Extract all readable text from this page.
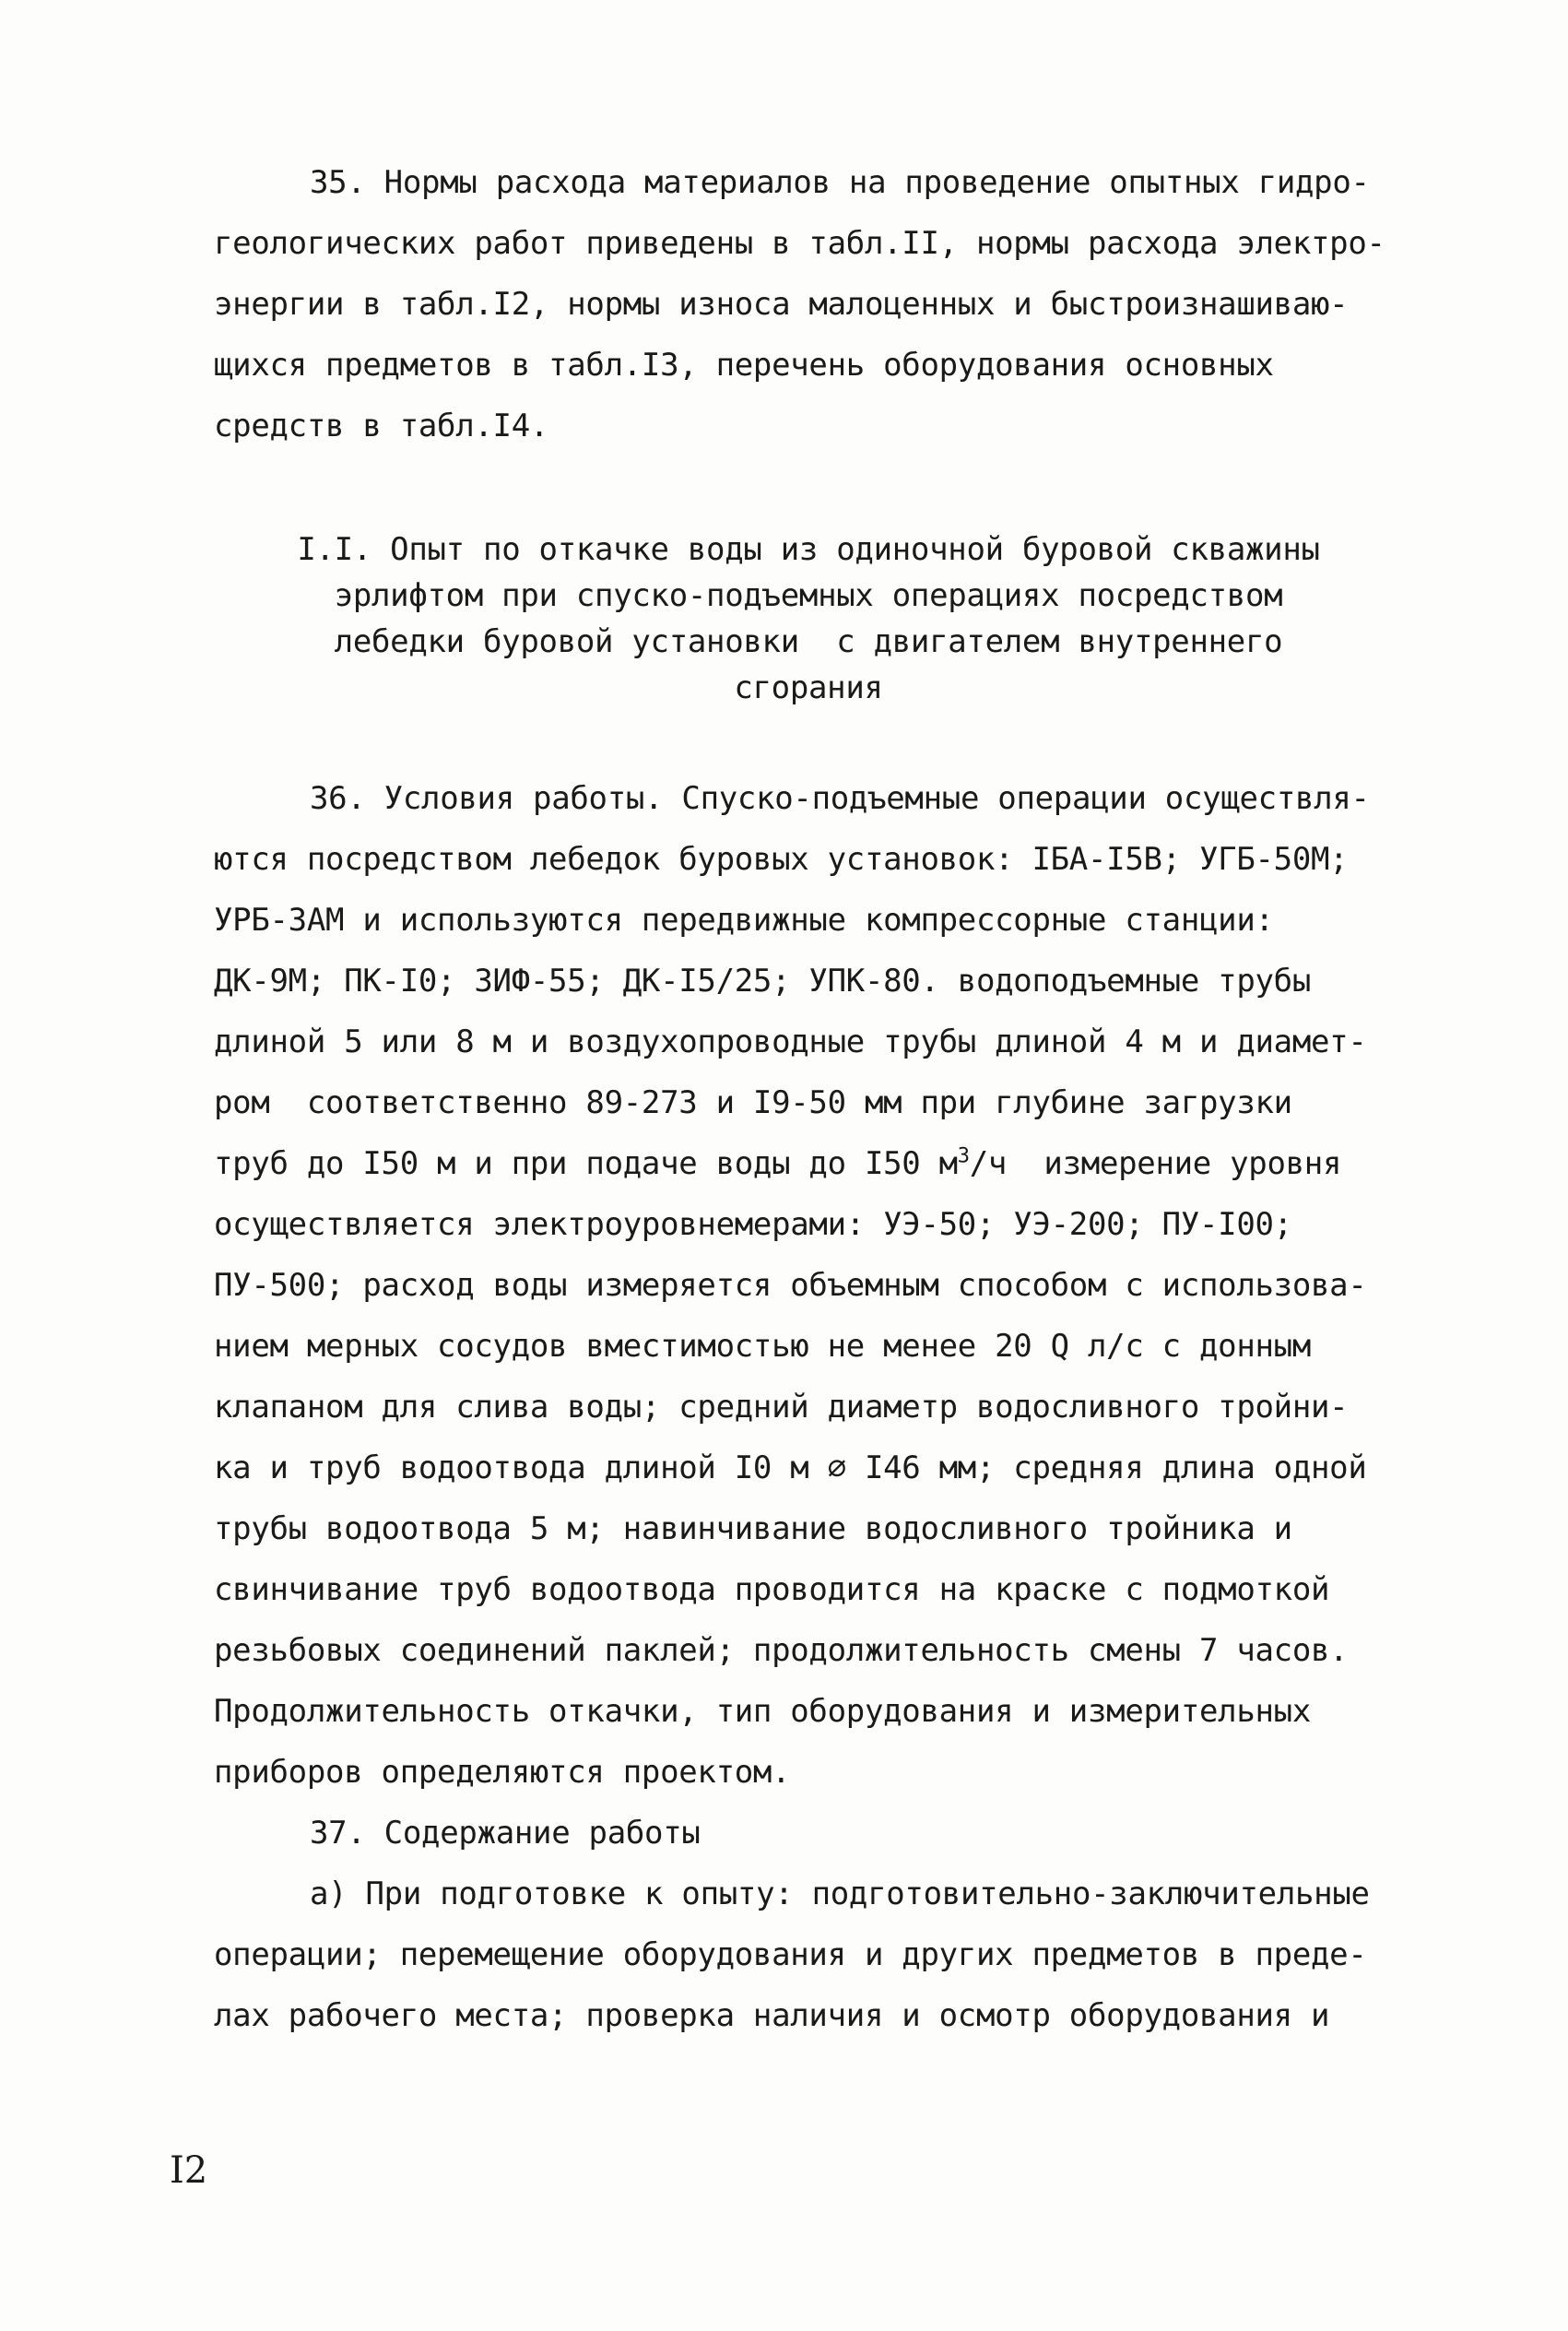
35. Нормы расхода материалов на проведение опытных гидро-

геологических работ приведены в табл.II, нормы расхода электро-

энергии в табл.I2, нормы износа малоценных и быстроизнашиваю-

щихся предметов в табл.I3, перечень оборудования основных

средств в табл.I4.

I.I. Опыт по откачке воды из одиночной буровой скважины

эрлифтом при спуско-подъемных операциях посредством

лебедки буровой установки  с двигателем внутреннего

сгорания

36. Условия работы. Спуско-подъемные операции осуществля-

ются посредством лебедок буровых установок: IБА-I5В; УГБ-50М;

УРБ-3АМ и используются передвижные компрессорные станции:

ДК-9М; ПК-I0; ЗИФ-55; ДК-I5/25; УПК-80. водоподъемные трубы

длиной 5 или 8 м и воздухопроводные трубы длиной 4 м и диамет-

ром  соответственно 89-273 и I9-50 мм при глубине загрузки

труб до I50 м и при подаче воды до I50 $м^3/ч$  измерение уровня

осуществляется электроуровнемерами: УЭ-50; УЭ-200; ПУ-I00;

ПУ-500; расход воды измеряется объемным способом с использова-

нием мерных сосудов вместимостью не менее 20 Q л/с с донным

клапаном для слива воды; средний диаметр водосливного тройни-

ка и труб водоотвода длиной I0 м ∅ I46 мм; средняя длина одной

трубы водоотвода 5 м; навинчивание водосливного тройника и

свинчивание труб водоотвода проводится на краске с подмоткой

резьбовых соединений паклей; продолжительность смены 7 часов.

Продолжительность откачки, тип оборудования и измерительных

приборов определяются проектом.

37. Содержание работы

а) При подготовке к опыту: подготовительно-заключительные

операции; перемещение оборудования и других предметов в преде-

лах рабочего места; проверка наличия и осмотр оборудования и

I2
